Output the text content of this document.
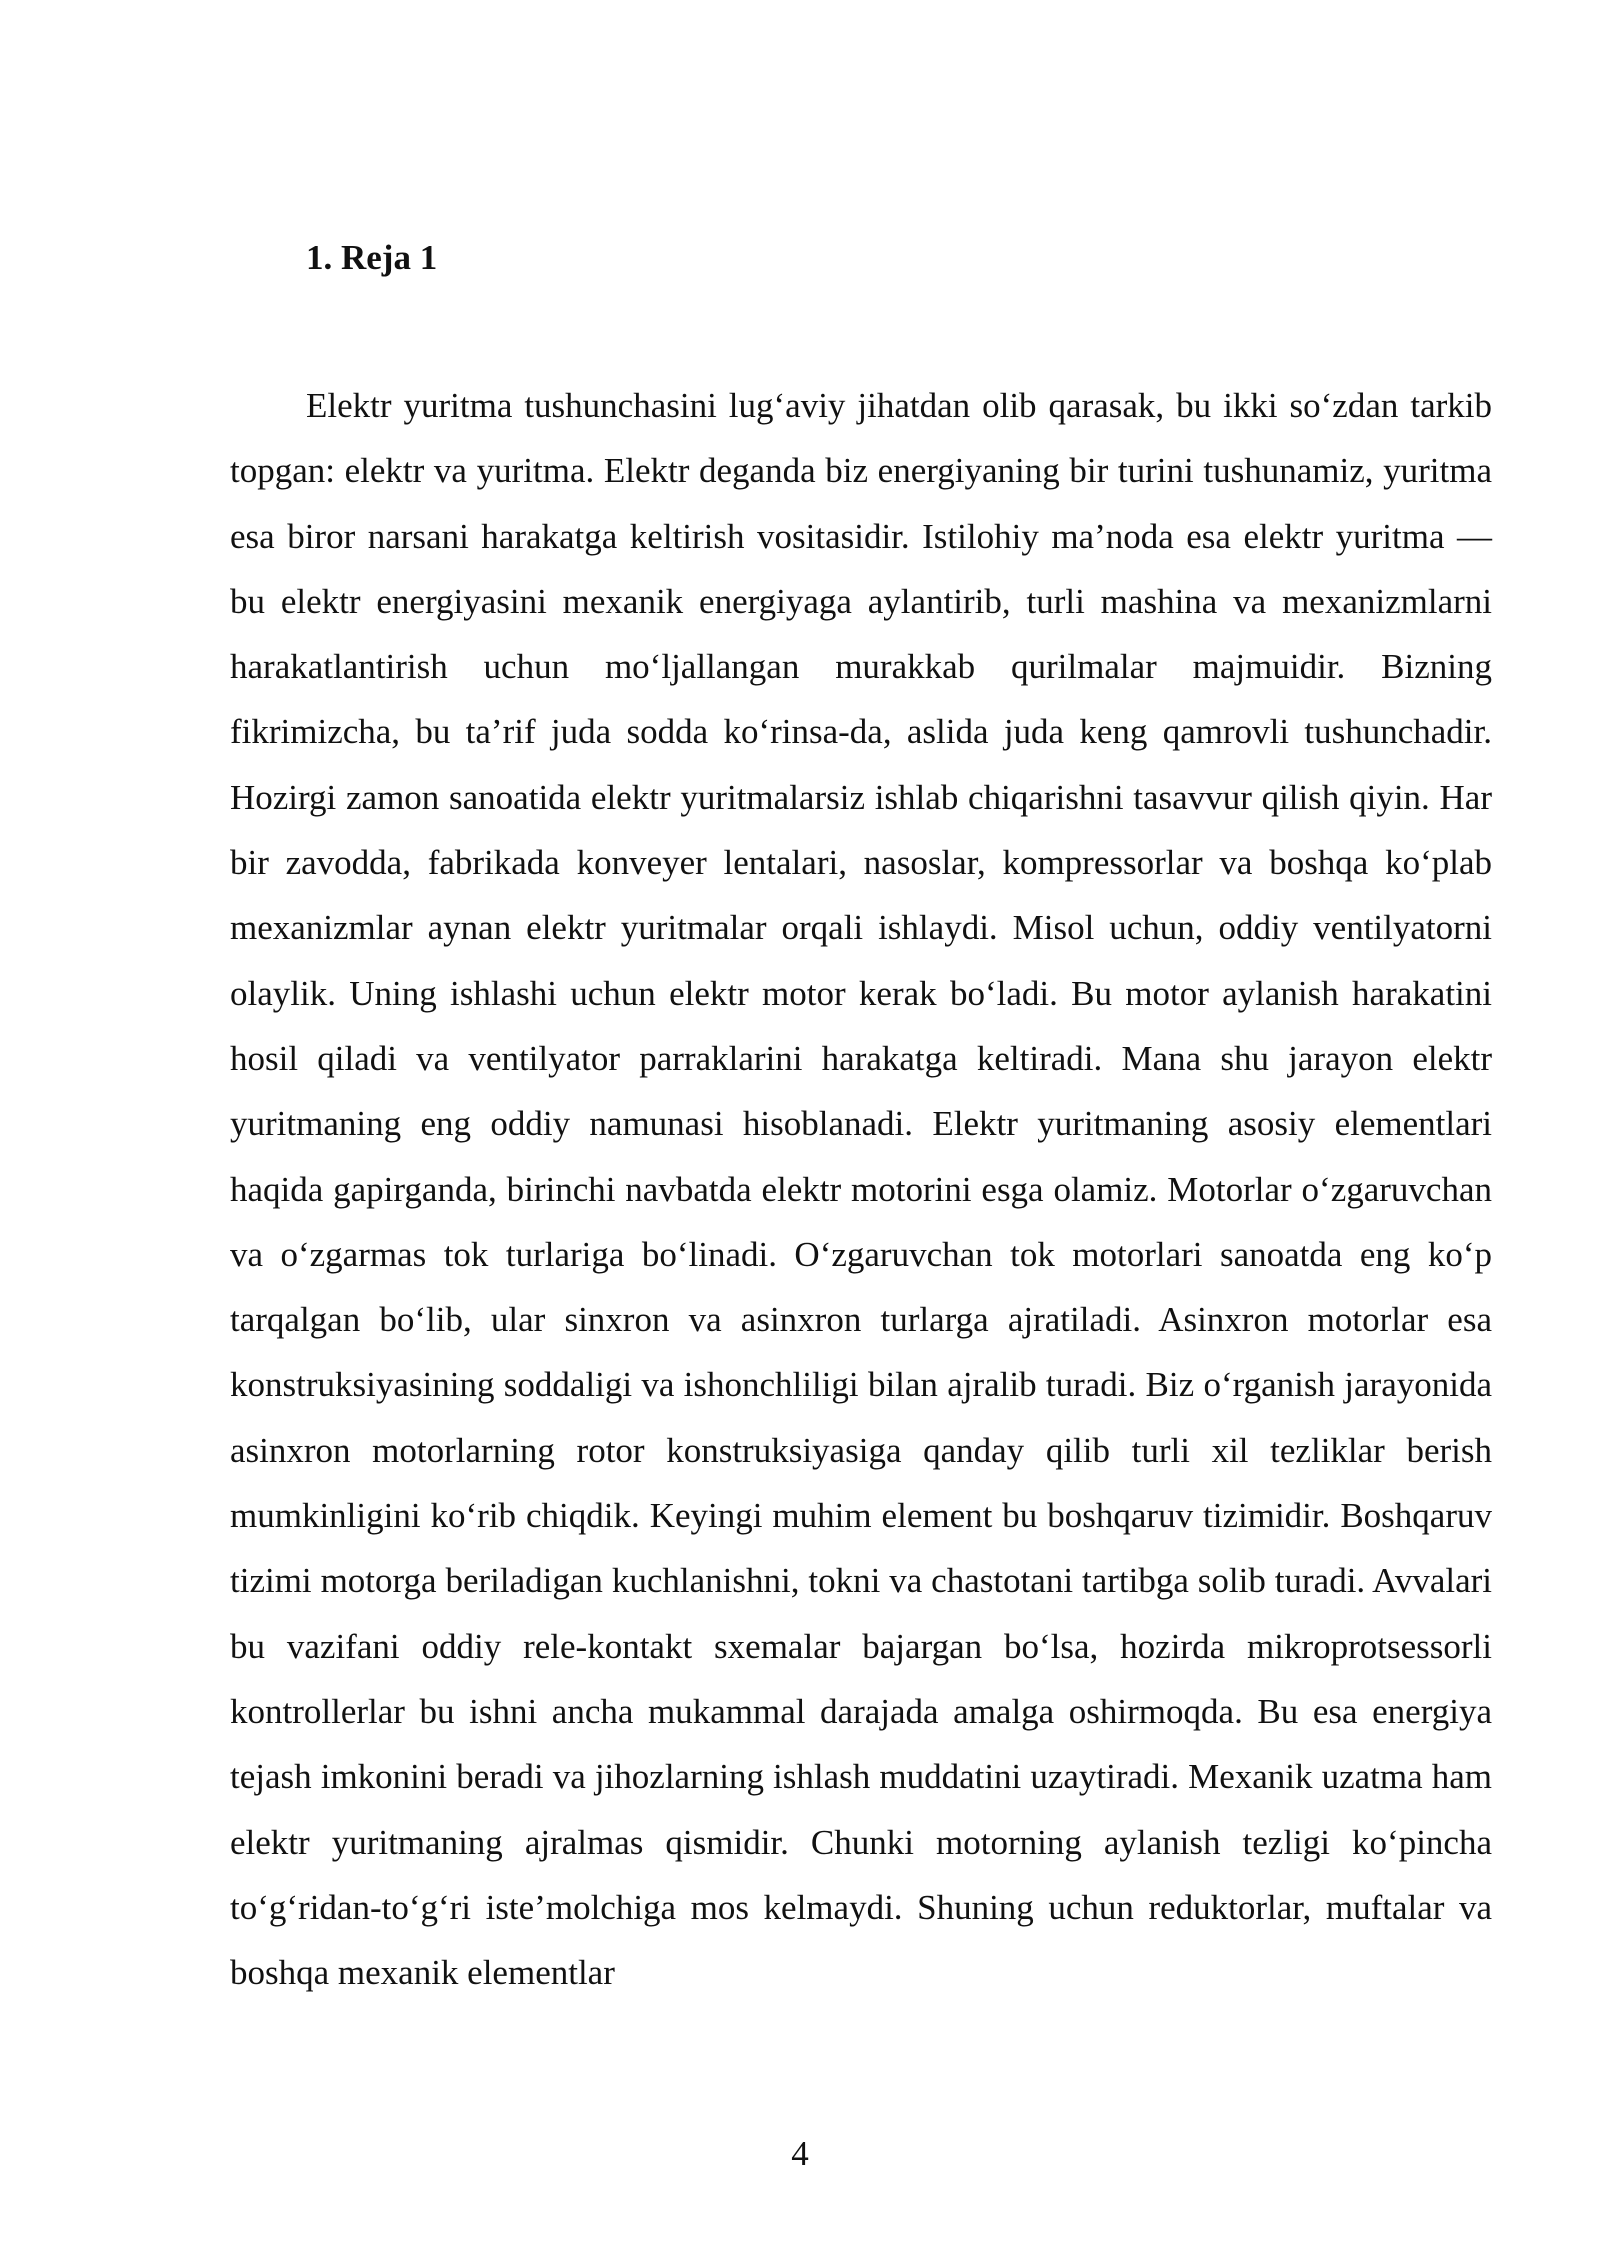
1. Reja 1

Elektr yuritma tushunchasini lug‘aviy jihatdan olib qarasak, bu ikki so‘zdan tarkib topgan: elektr va yuritma. Elektr deganda biz energiyaning bir turini tushunamiz, yuritma esa biror narsani harakatga keltirish vositasidir. Istilohiy ma’noda esa elektr yuritma — bu elektr energiyasini mexanik energiyaga aylantirib, turli mashina va mexanizmlarni harakatlantirish uchun mo‘ljallangan murakkab qurilmalar majmuidir. Bizning fikrimizcha, bu ta’rif juda sodda ko‘rinsa-da, aslida juda keng qamrovli tushunchadir. Hozirgi zamon sanoatida elektr yuritmalarsiz ishlab chiqarishni tasavvur qilish qiyin. Har bir zavodda, fabrikada konveyer lentalari, nasoslar, kompressorlar va boshqa ko‘plab mexanizmlar aynan elektr yuritmalar orqali ishlaydi. Misol uchun, oddiy ventilyatorni olaylik. Uning ishlashi uchun elektr motor kerak bo‘ladi. Bu motor aylanish harakatini hosil qiladi va ventilyator parraklarini harakatga keltiradi. Mana shu jarayon elektr yuritmaning eng oddiy namunasi hisoblanadi. Elektr yuritmaning asosiy elementlari haqida gapirganda, birinchi navbatda elektr motorini esga olamiz. Motorlar o‘zgaruvchan va o‘zgarmas tok turlariga bo‘linadi. O‘zgaruvchan tok motorlari sanoatda eng ko‘p tarqalgan bo‘lib, ular sinxron va asinxron turlarga ajratiladi. Asinxron motorlar esa konstruksiyasining soddaligi va ishonchliligi bilan ajralib turadi. Biz o‘rganish jarayonida asinxron motorlarning rotor konstruksiyasiga qanday qilib turli xil tezliklar berish mumkinligini ko‘rib chiqdik. Keyingi muhim element bu boshqaruv tizimidir. Boshqaruv tizimi motorga beriladigan kuchlanishni, tokni va chastotani tartibga solib turadi. Avvalari bu vazifani oddiy rele-kontakt sxemalar bajargan bo‘lsa, hozirda mikroprotsessorli kontrollerlar bu ishni ancha mukammal darajada amalga oshirmoqda. Bu esa energiya tejash imkonini beradi va jihozlarning ishlash muddatini uzaytiradi. Mexanik uzatma ham elektr yuritmaning ajralmas qismidir. Chunki motorning aylanish tezligi ko‘pincha to‘g‘ridan-to‘g‘ri iste’molchiga mos kelmaydi. Shuning uchun reduktorlar, muftalar va boshqa mexanik elementlar

4
